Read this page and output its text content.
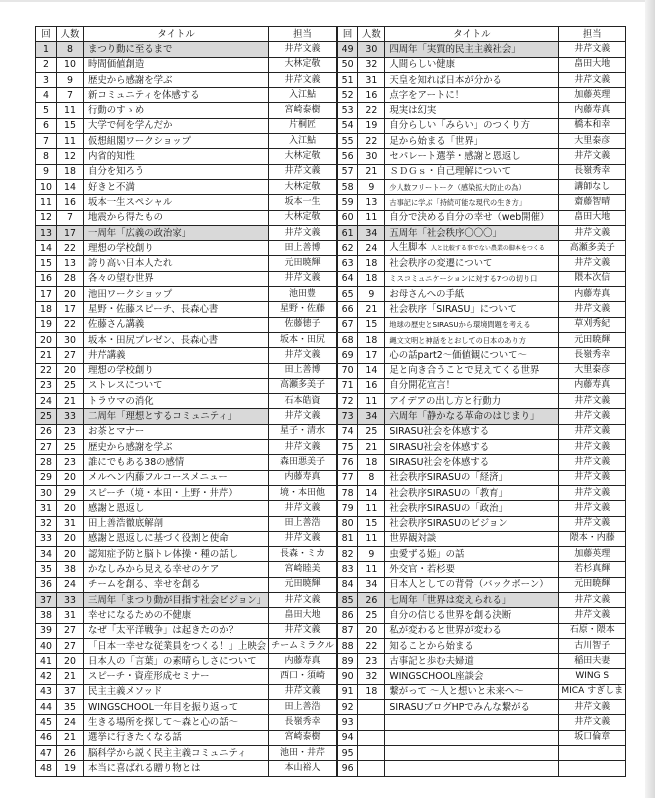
回	人数	タイトル	担当	回	人数	タイトル	担当
1	8	まつり動に至るまで	井芹文義	49	30	四周年「実質的民主主義社会」	井芹文義
2	10	時間価値創造	大林定敬	50	32	人間らしい健康	畠田大地
3	9	歴史から感謝を学ぶ	井芹文義	51	31	天皇を知れば日本が分かる	井芹文義
4	7	新コミュニティを体感する	入江鮎	52	16	点字をアートに！	加藤英理
5	11	行動のすゝめ	宮崎泰樹	53	22	現実は幻実	内藤寿真
6	15	大学で何を学んだか	片桐匠	54	19	自分らしい「みらい」のつくり方	橋本和幸
7	11	仮想組閣ワークショップ	入江鮎	55	22	足から始まる「世界」	大里泰彦
8	12	内省的知性	大林定敬	56	30	セパレート選挙・感謝と恩返し	井芹文義
9	18	自分を知ろう	井芹文義	57	21	ＳＤＧｓ・自己理解について	長嶺秀幸
10	14	好きと不満	大林定敬	58	9	少人数フリートーク（感染拡大防止の為）	講師なし
11	16	坂本一生スペシャル	坂本一生	59	13	古事記に学ぶ「持続可能な現代の生き方」	齋藤智晴
12	7	地震から得たもの	大林定敬	60	11	自分で決める自分の幸せ（web開催）	畠田大地
13	17	一周年「広義の政治家」	井芹文義	61	34	五周年「社会秩序〇〇〇」	井芹文義
14	22	理想の学校創り	田上善博	62	24	人生脚本 人と比較する事でない農業の脚本をつくる	高瀬多美子
15	13	誇り高い日本人たれ	元田暁輝	63	18	社会秩序の変遷について	井芹文義
16	28	各々の望む世界	井芹文義	64	18	ミスコミュニケーションに対する7つの切り口	隈本次信
17	20	池田ワークショップ	池田豊	65	9	お母さんへの手紙	内藤寿真
18	17	星野・佐藤スピーチ、長森心書	星野・佐藤	66	21	社会秩序「SIRASU」について	井芹文義
19	22	佐藤さん講義	佐藤徳子	67	15	地球の歴史とSIRASUから環境問題を考える	草刈秀紀
20	30	坂本・田尻プレゼン、長森心書	坂本・田尻	68	18	縄文文明と神話をとおしての日本のあり方	元田暁輝
21	27	井芹講義	井芹文義	69	17	心の話part2～価値観について～	長嶺秀幸
22	20	理想の学校創り	田上善博	70	14	足と向き合うことで見えてくる世界	大里泰彦
23	25	ストレスについて	高瀬多美子	71	16	自分開花宣言！	内藤寿真
24	21	トラウマの消化	石本皓資	72	11	アイデアの出し方と行動力	井芹文義
25	33	二周年「理想とするコミュニティ」	井芹文義	73	34	六周年「静かなる革命のはじまり」	井芹文義
26	23	お茶とマナー	星子・清水	74	25	SIRASU社会を体感する	井芹文義
27	25	歴史から感謝を学ぶ	井芹文義	75	21	SIRASU社会を体感する	井芹文義
28	23	誰にでもある38の感情	森田悪美子	76	18	SIRASU社会を体感する	井芹文義
29	20	メルヘン内藤フルコースメニュー	内藤寿真	77	8	社会秩序SIRASUの「経済」	井芹文義
30	29	スピーチ（境・本田・上野・井芹）	境・本田他	78	14	社会秩序SIRASUの「教育」	井芹文義
31	20	感謝と恩返し	井芹文義	79	11	社会秩序SIRASUの「政治」	井芹文義
32	31	田上善浩徹底解剖	田上善浩	80	15	社会秩序SIRASUのビジョン	井芹文義
33	20	感謝と恩返しに基づく役割と使命	井芹文義	81	11	世界観対談	隈本・内藤
34	20	認知症予防と脳トレ体操・種の話し	長森・ミカ	82	9	虫愛ずる姫」の話	加藤英理
35	38	かなしみから見える幸せのケア	宮崎睦美	83	11	外交官・若杉要	若杉真輝
36	24	チームを創る、幸せを創る	元田暁輝	84	34	日本人としての背骨（バックボーン）	元田暁輝
37	33	三周年「まつり動が目指す社会ビジョン」	井芹文義	85	26	七周年「世界は変えられる」	井芹文義
38	31	幸せになるための不健康	畠田大地	86	25	自分の信じる世界を創る決断	井芹文義
39	27	なぜ「太平洋戦争」は起きたのか？	井芹文義	87	20	私が変わると世界が変わる	石原・隈本
40	27	「日本一幸せな従業員をつくる！」上映会	チームミラクル	88	22	知ることから始まる	古川智子
41	20	日本人の「言葉」の素晴らしさについて	内藤寿真	89	23	古事記と歩む夫婦道	稲田夫妻
42	21	スピーチ・資産形成セミナー	西口・須崎	90	32	WINGSCHOOL座談会	WING S
43	37	民主主義メソッド	井芹文義	91	18	繋がって ～人と想いと未来へ～	MICA すぎしま
44	35	WINGSCHOOL一年目を振り返って	田上善浩	92		SIRASUブログHPでみんな繋がる	井芹文義
45	24	生きる場所を探して～森と心の話～	長嶺秀幸	93			井芹文義
46	21	選挙に行きたくなる話	宮崎泰樹	94			坂口倫章
47	26	脳科学から説く民主主義コミュニティ	池田・井芹	95			
48	19	本当に喜ばれる贈り物とは	本山裕人	96			
